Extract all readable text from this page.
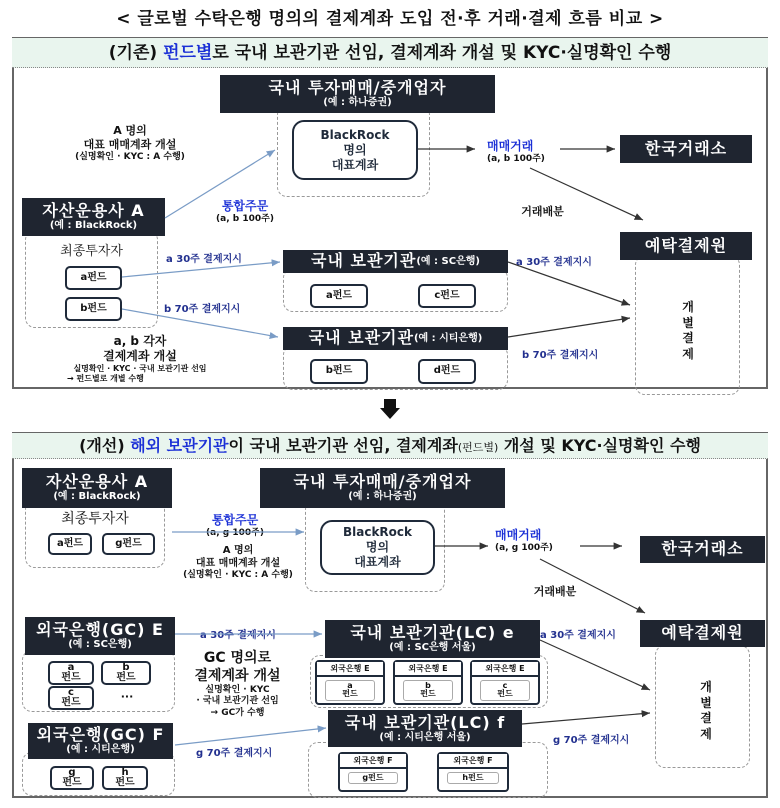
< 글로벌 수탁은행 명의의 결제계좌 도입 전·후 거래·결제 흐름 비교 >
(기존) 펀드별로 국내 보관기관 선임, 결제계좌 개설 및 KYC·실명확인 수행
국내 투자매매/중개업자
(예 : 하나증권)
BlackRock
명의
대표계좌
A 명의
대표 매매계좌 개설
(실명확인 · KYC : A 수행)
자산운용사 A
(예 : BlackRock)
최종투자자
a펀드
b펀드
통합주문
(a, b 100주)
매매거래
(a, b 100주)
한국거래소
거래배분
예탁결제원
개별결제
국내 보관기관 (예 : SC은행)
a펀드	c펀드
국내 보관기관 (예 : 시티은행)
b펀드	d펀드
a 30주 결제지시
b 70주 결제지시
a 30주 결제지시
b 70주 결제지시
a, b 각자
결제계좌 개설
실명확인 · KYC · 국내 보관기관 선임
→ 펀드별로 개별 수행
(개선) 해외 보관기관이 국내 보관기관 선임, 결제계좌(펀드별) 개설 및 KYC·실명확인 수행
자산운용사 A
(예 : BlackRock)
최종투자자
a펀드	g펀드
국내 투자매매/중개업자
(예 : 하나증권)
BlackRock
명의
대표계좌
통합주문
(a, g 100주)
A 명의
대표 매매계좌 개설
(실명확인 · KYC : A 수행)
매매거래
(a, g 100주)	한국거래소
거래배분
예탁결제원
개별결제
외국은행(GC) E
(예 : SC은행)
a
펀드
b
펀드
c
펀드	···
외국은행(GC) F
(예 : 시티은행)
g
펀드
h
펀드
GC 명의로
결제계좌 개설
실명확인 · KYC
· 국내 보관기관 선임
→ GC가 수행
국내 보관기관(LC) e
(예 : SC은행 서울)
외국은행 E
a
펀드
외국은행 E
b
펀드
외국은행 E
c
펀드
국내 보관기관(LC) f
(예 : 시티은행 서울)
외국은행 F
g펀드
외국은행 F
h펀드
a 30주 결제지시
g 70주 결제지시
a 30주 결제지시
g 70주 결제지시
